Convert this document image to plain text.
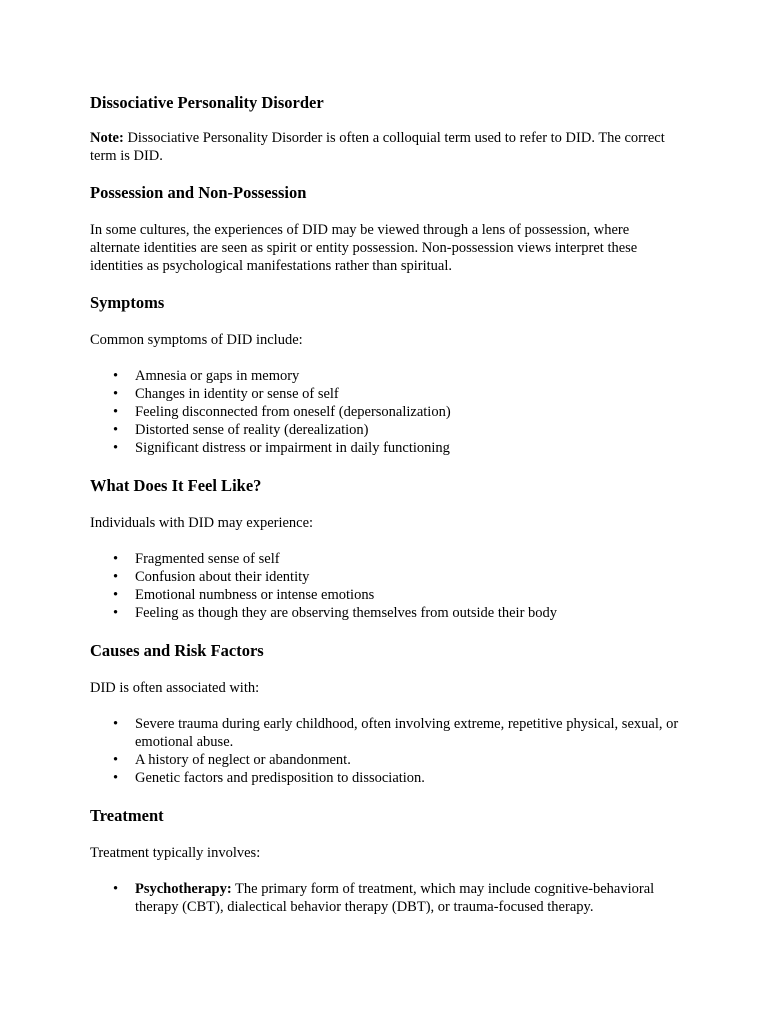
Dissociative Personality Disorder

Note: Dissociative Personality Disorder is often a colloquial term used to refer to DID. The correct term is DID.

Possession and Non-Possession

In some cultures, the experiences of DID may be viewed through a lens of possession, where alternate identities are seen as spirit or entity possession. Non-possession views interpret these identities as psychological manifestations rather than spiritual.

Symptoms

Common symptoms of DID include:

• Amnesia or gaps in memory
• Changes in identity or sense of self
• Feeling disconnected from oneself (depersonalization)
• Distorted sense of reality (derealization)
• Significant distress or impairment in daily functioning
What Does It Feel Like?

Individuals with DID may experience:

• Fragmented sense of self
• Confusion about their identity
• Emotional numbness or intense emotions
• Feeling as though they are observing themselves from outside their body
Causes and Risk Factors

DID is often associated with:

• Severe trauma during early childhood, often involving extreme, repetitive physical, sexual, or emotional abuse.
• A history of neglect or abandonment.
• Genetic factors and predisposition to dissociation.
Treatment

Treatment typically involves:

• Psychotherapy: The primary form of treatment, which may include cognitive-behavioral therapy (CBT), dialectical behavior therapy (DBT), or trauma-focused therapy.
